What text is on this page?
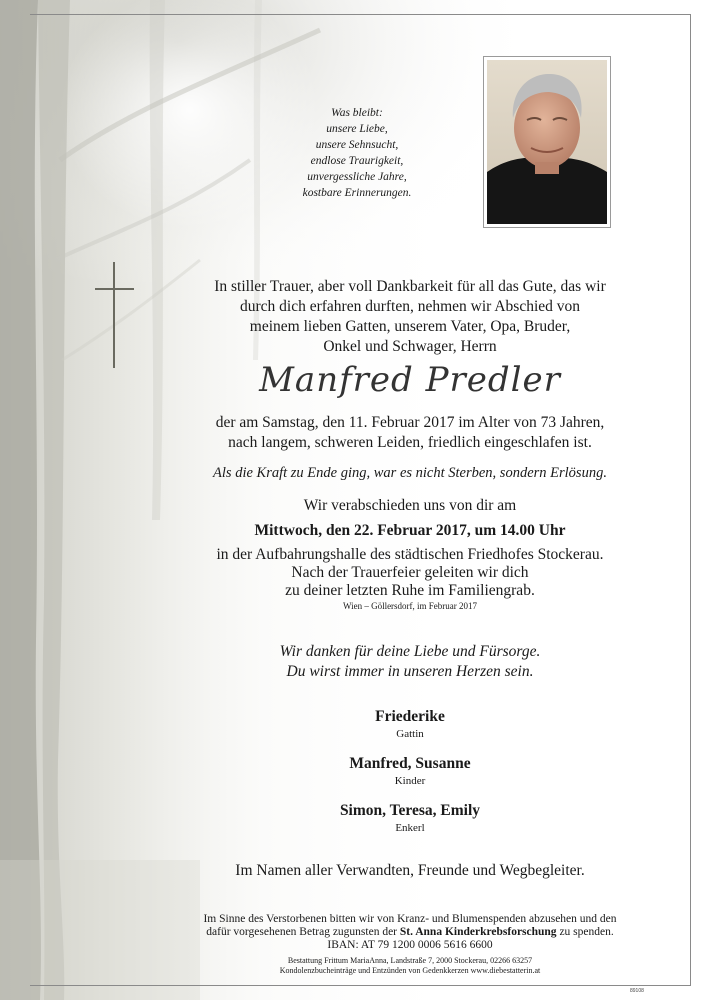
Was bleibt:
unsere Liebe,
unsere Sehnsucht,
endlose Traurigkeit,
unvergessliche Jahre,
kostbare Erinnerungen.
In stiller Trauer, aber voll Dankbarkeit für all das Gute, das wir
durch dich erfahren durften, nehmen wir Abschied von
meinem lieben Gatten, unserem Vater, Opa, Bruder,
Onkel und Schwager, Herrn
Manfred Predler
der am Samstag, den 11. Februar 2017 im Alter von 73 Jahren,
nach langem, schweren Leiden, friedlich eingeschlafen ist.
Als die Kraft zu Ende ging, war es nicht Sterben, sondern Erlösung.
Wir verabschieden uns von dir am
Mittwoch, den 22. Februar 2017, um 14.00 Uhr
in der Aufbahrungshalle des städtischen Friedhofes Stockerau.
Nach der Trauerfeier geleiten wir dich
zu deiner letzten Ruhe im Familiengrab.
Wien – Göllersdorf, im Februar 2017
Wir danken für deine Liebe und Fürsorge.
Du wirst immer in unseren Herzen sein.
Friederike
Gattin
Manfred, Susanne
Kinder
Simon, Teresa, Emily
Enkerl
Im Namen aller Verwandten, Freunde und Wegbegleiter.
Im Sinne des Verstorbenen bitten wir von Kranz- und Blumenspenden abzusehen und den
dafür vorgesehenen Betrag zugunsten der St. Anna Kinderkrebsforschung zu spenden.
IBAN: AT 79 1200 0006 5616 6600
Bestattung Frittum MariaAnna, Landstraße 7, 2000 Stockerau, 02266 63257
Kondolenzbucheinträge und Entzünden von Gedenkkerzen www.diebestatterin.at
89108
